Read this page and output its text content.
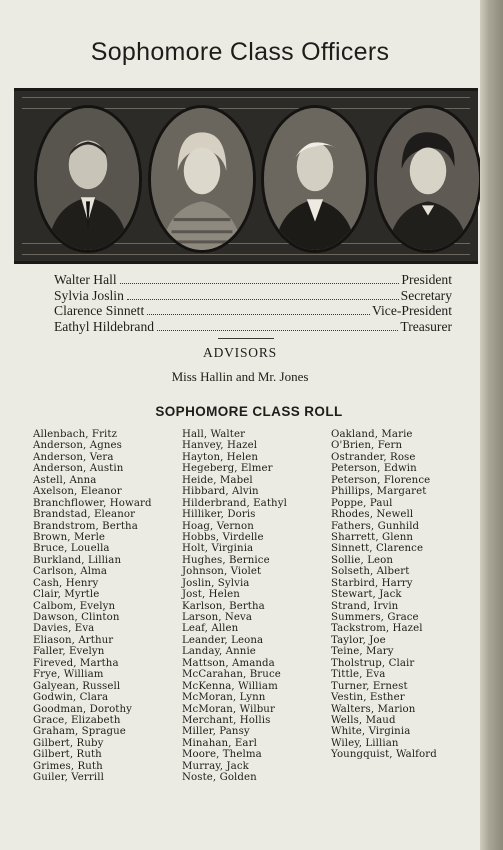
Sophomore Class Officers
Walter Hall	President
Sylvia Joslin	Secretary
Clarence Sinnett	Vice-President
Eathyl Hildebrand	Treasurer
ADVISORS
Miss Hallin and Mr. Jones
SOPHOMORE CLASS ROLL
Allenbach, Fritz
Anderson, Agnes
Anderson, Vera
Anderson, Austin
Astell, Anna
Axelson, Eleanor
Branchflower, Howard
Brandstad, Eleanor
Brandstrom, Bertha
Brown, Merle
Bruce, Louella
Burkland, Lillian
Carlson, Alma
Cash, Henry
Clair, Myrtle
Calbom, Evelyn
Dawson, Clinton
Davies, Eva
Eliason, Arthur
Faller, Evelyn
Fireved, Martha
Frye, William
Galyean, Russell
Godwin, Clara
Goodman, Dorothy
Grace, Elizabeth
Graham, Sprague
Gilbert, Ruby
Gilbert, Ruth
Grimes, Ruth
Guiler, Verrill
Hall, Walter
Hanvey, Hazel
Hayton, Helen
Hegeberg, Elmer
Heide, Mabel
Hibbard, Alvin
Hilderbrand, Eathyl
Hilliker, Doris
Hoag, Vernon
Hobbs, Virdelle
Holt, Virginia
Hughes, Bernice
Johnson, Violet
Joslin, Sylvia
Jost, Helen
Karlson, Bertha
Larson, Neva
Leaf, Allen
Leander, Leona
Landay, Annie
Mattson, Amanda
McCarahan, Bruce
McKenna, William
McMoran, Lynn
McMoran, Wilbur
Merchant, Hollis
Miller, Pansy
Minahan, Earl
Moore, Thelma
Murray, Jack
Noste, Golden
Oakland, Marie
O'Brien, Fern
Ostrander, Rose
Peterson, Edwin
Peterson, Florence
Phillips, Margaret
Poppe, Paul
Rhodes, Newell
Fathers, Gunhild
Sharrett, Glenn
Sinnett, Clarence
Sollie, Leon
Solseth, Albert
Starbird, Harry
Stewart, Jack
Strand, Irvin
Summers, Grace
Tackstrom, Hazel
Taylor, Joe
Teine, Mary
Tholstrup, Clair
Tittle, Eva
Turner, Ernest
Vestin, Esther
Walters, Marion
Wells, Maud
White, Virginia
Wiley, Lillian
Youngquist, Walford
